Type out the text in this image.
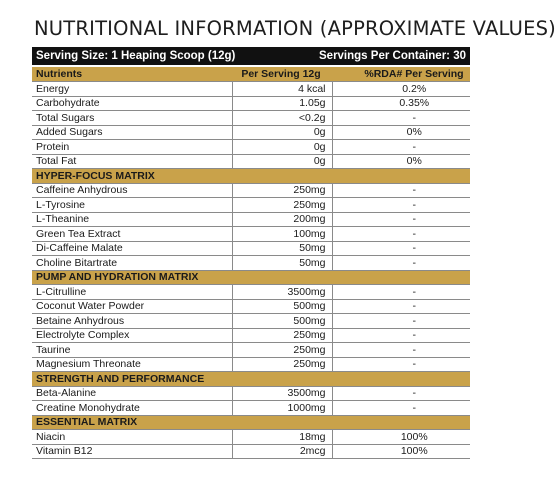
NUTRITIONAL INFORMATION (APPROXIMATE VALUES)
Serving Size: 1 Heaping Scoop (12g)	Servings Per Container: 30
Nutrients	Per Serving 12g	%RDA# Per Serving
Energy	4 kcal	0.2%
Carbohydrate	1.05g	0.35%
Total Sugars	<0.2g	-
Added Sugars	0g	0%
Protein	0g	-
Total Fat	0g	0%
HYPER-FOCUS MATRIX		
Caffeine Anhydrous	250mg	-
L-Tyrosine	250mg	-
L-Theanine	200mg	-
Green Tea Extract	100mg	-
Di-Caffeine Malate	50mg	-
Choline Bitartrate	50mg	-
PUMP AND HYDRATION MATRIX		
L-Citrulline	3500mg	-
Coconut Water Powder	500mg	-
Betaine Anhydrous	500mg	-
Electrolyte Complex	250mg	-
Taurine	250mg	-
Magnesium Threonate	250mg	-
STRENGTH AND PERFORMANCE		
Beta-Alanine	3500mg	-
Creatine Monohydrate	1000mg	-
ESSENTIAL MATRIX		
Niacin	18mg	100%
Vitamin B12	2mcg	100%
